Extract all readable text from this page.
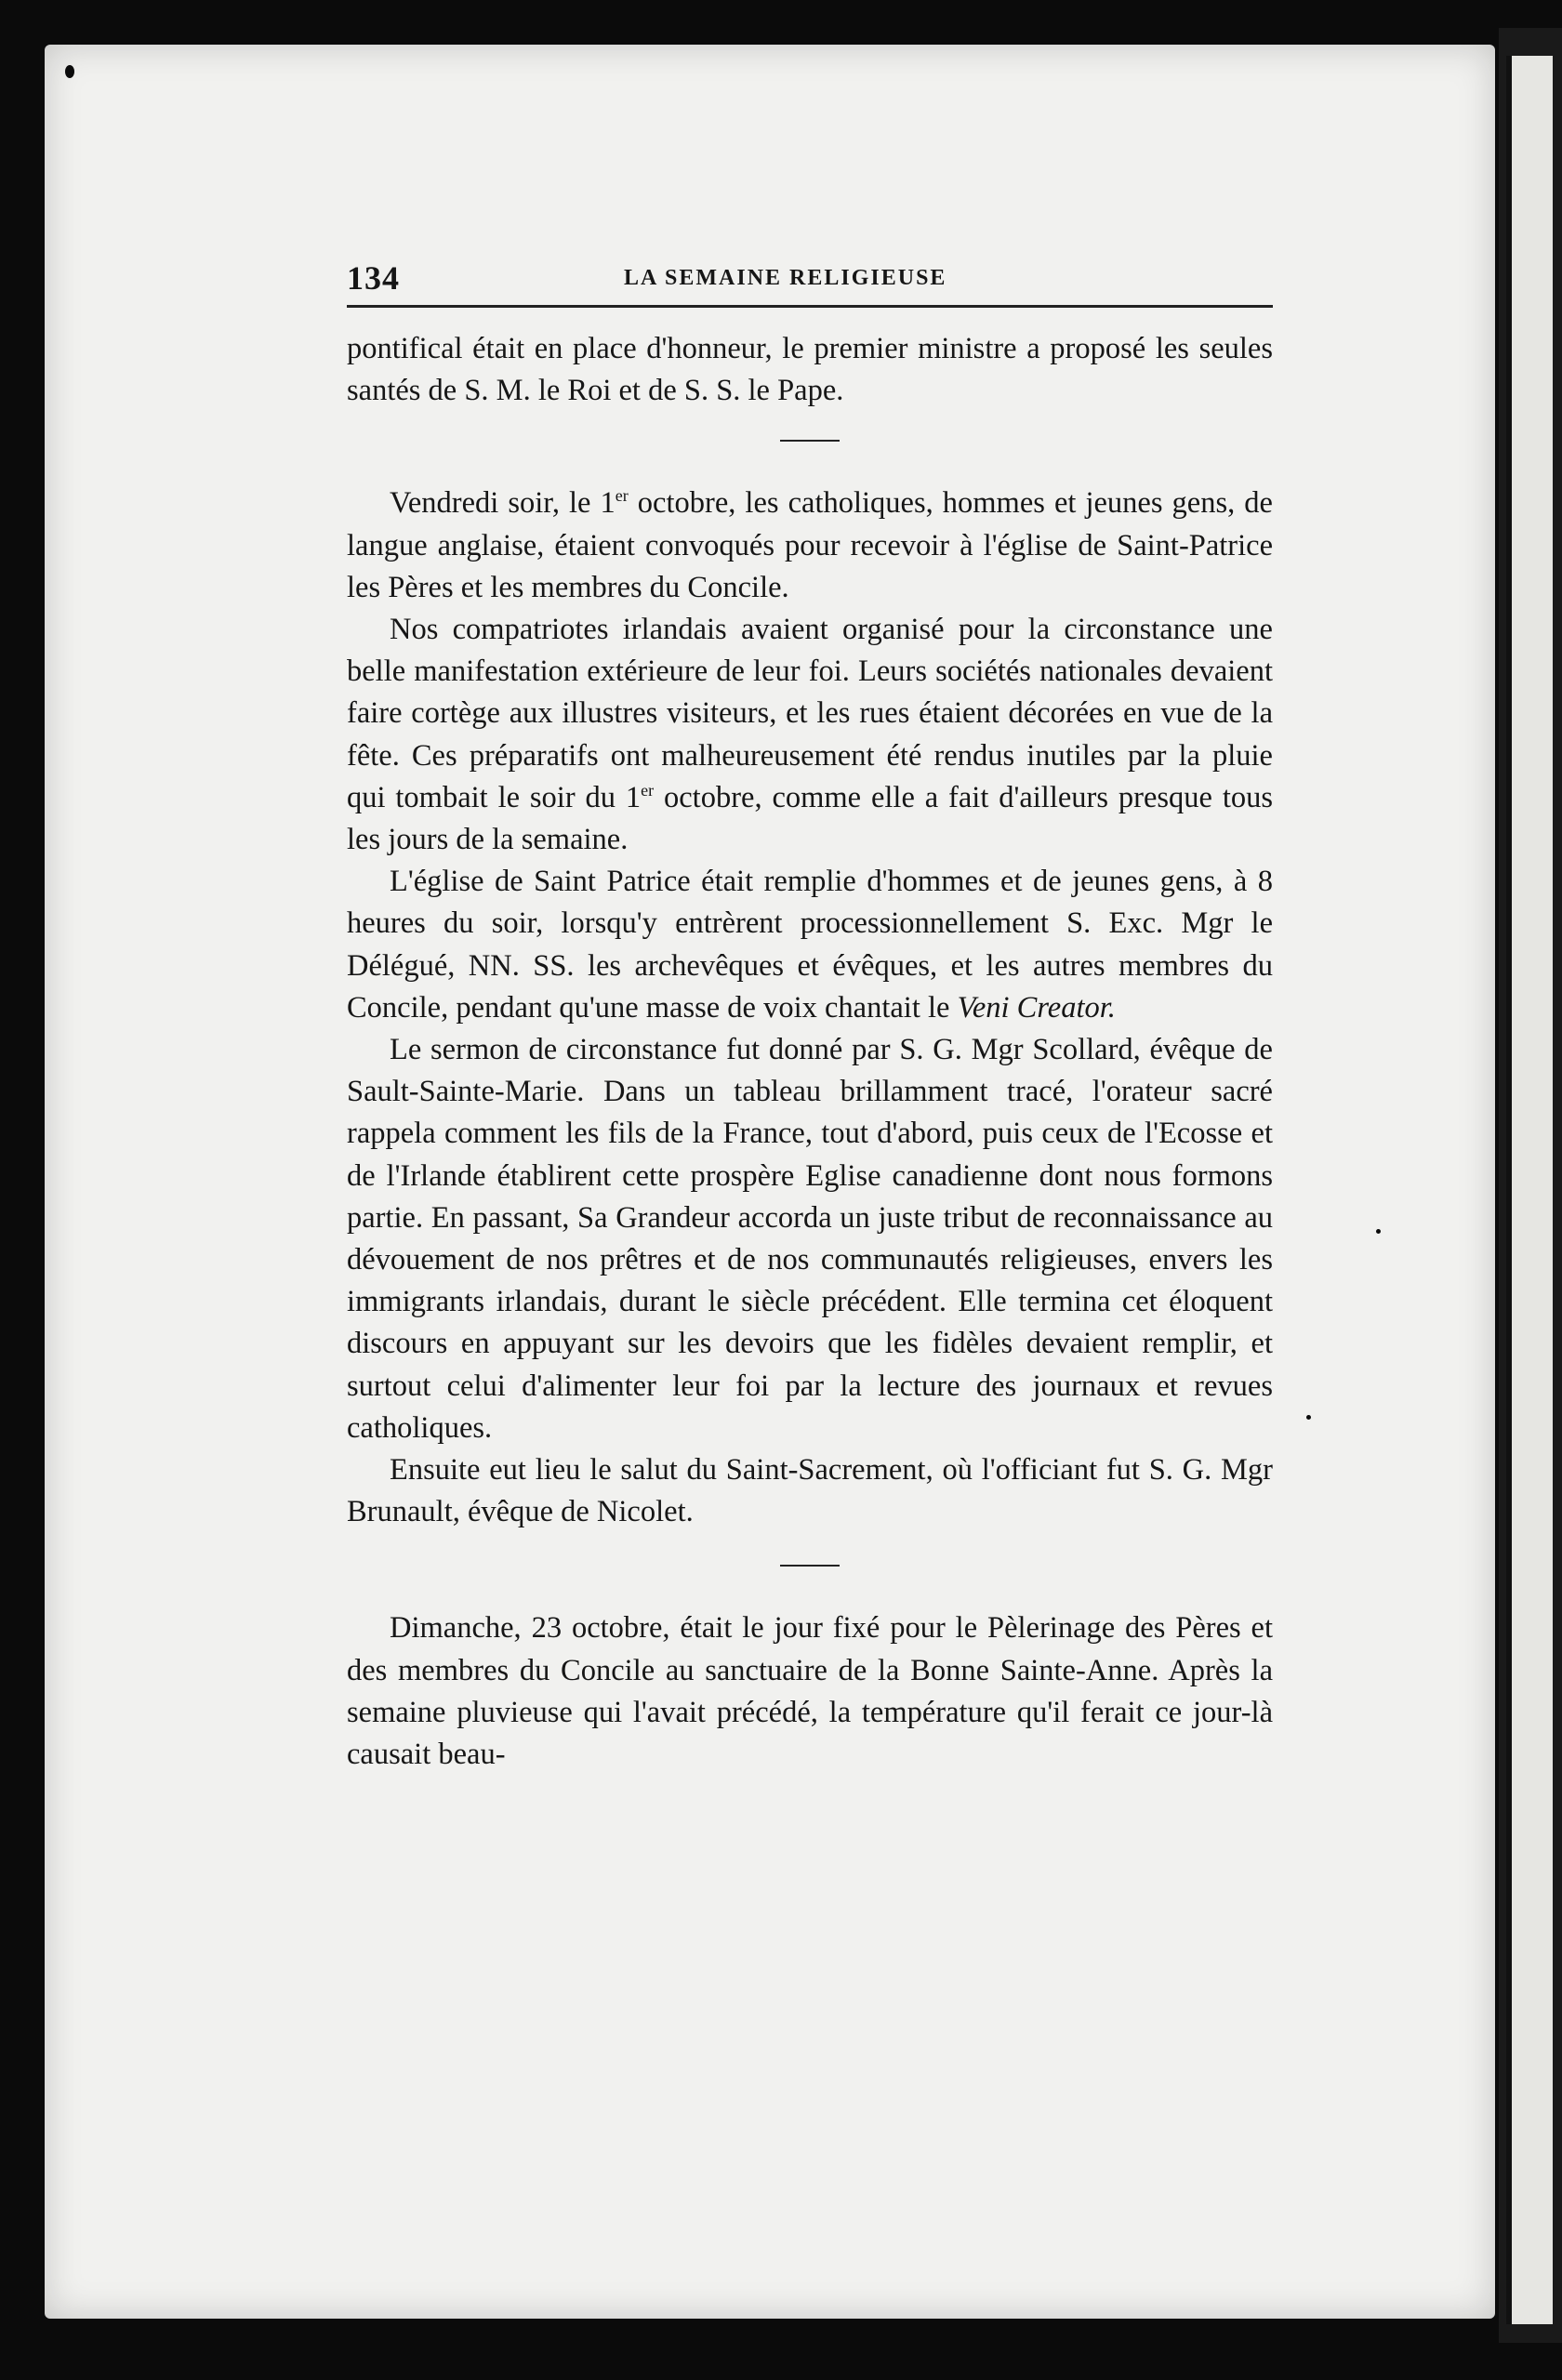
134	LA SEMAINE RELIGIEUSE

pontifical était en place d'honneur, le premier ministre a proposé les seules santés de S. M. le Roi et de S. S. le Pape.

Vendredi soir, le 1er octobre, les catholiques, hommes et jeunes gens, de langue anglaise, étaient convoqués pour recevoir à l'église de Saint-Patrice les Pères et les membres du Concile.

Nos compatriotes irlandais avaient organisé pour la circonstance une belle manifestation extérieure de leur foi. Leurs sociétés nationales devaient faire cortège aux illustres visiteurs, et les rues étaient décorées en vue de la fête. Ces préparatifs ont malheureusement été rendus inutiles par la pluie qui tombait le soir du 1er octobre, comme elle a fait d'ailleurs presque tous les jours de la semaine.

L'église de Saint Patrice était remplie d'hommes et de jeunes gens, à 8 heures du soir, lorsqu'y entrèrent processionnellement S. Exc. Mgr le Délégué, NN. SS. les archevêques et évêques, et les autres membres du Concile, pendant qu'une masse de voix chantait le Veni Creator.

Le sermon de circonstance fut donné par S. G. Mgr Scollard, évêque de Sault-Sainte-Marie. Dans un tableau brillamment tracé, l'orateur sacré rappela comment les fils de la France, tout d'abord, puis ceux de l'Ecosse et de l'Irlande établirent cette prospère Eglise canadienne dont nous formons partie. En passant, Sa Grandeur accorda un juste tribut de reconnaissance au dévouement de nos prêtres et de nos communautés religieuses, envers les immigrants irlandais, durant le siècle précédent. Elle termina cet éloquent discours en appuyant sur les devoirs que les fidèles devaient remplir, et surtout celui d'alimenter leur foi par la lecture des journaux et revues catholiques.

Ensuite eut lieu le salut du Saint-Sacrement, où l'officiant fut S. G. Mgr Brunault, évêque de Nicolet.

Dimanche, 23 octobre, était le jour fixé pour le Pèlerinage des Pères et des membres du Concile au sanctuaire de la Bonne Sainte-Anne. Après la semaine pluvieuse qui l'avait précédé, la température qu'il ferait ce jour-là causait beau-
